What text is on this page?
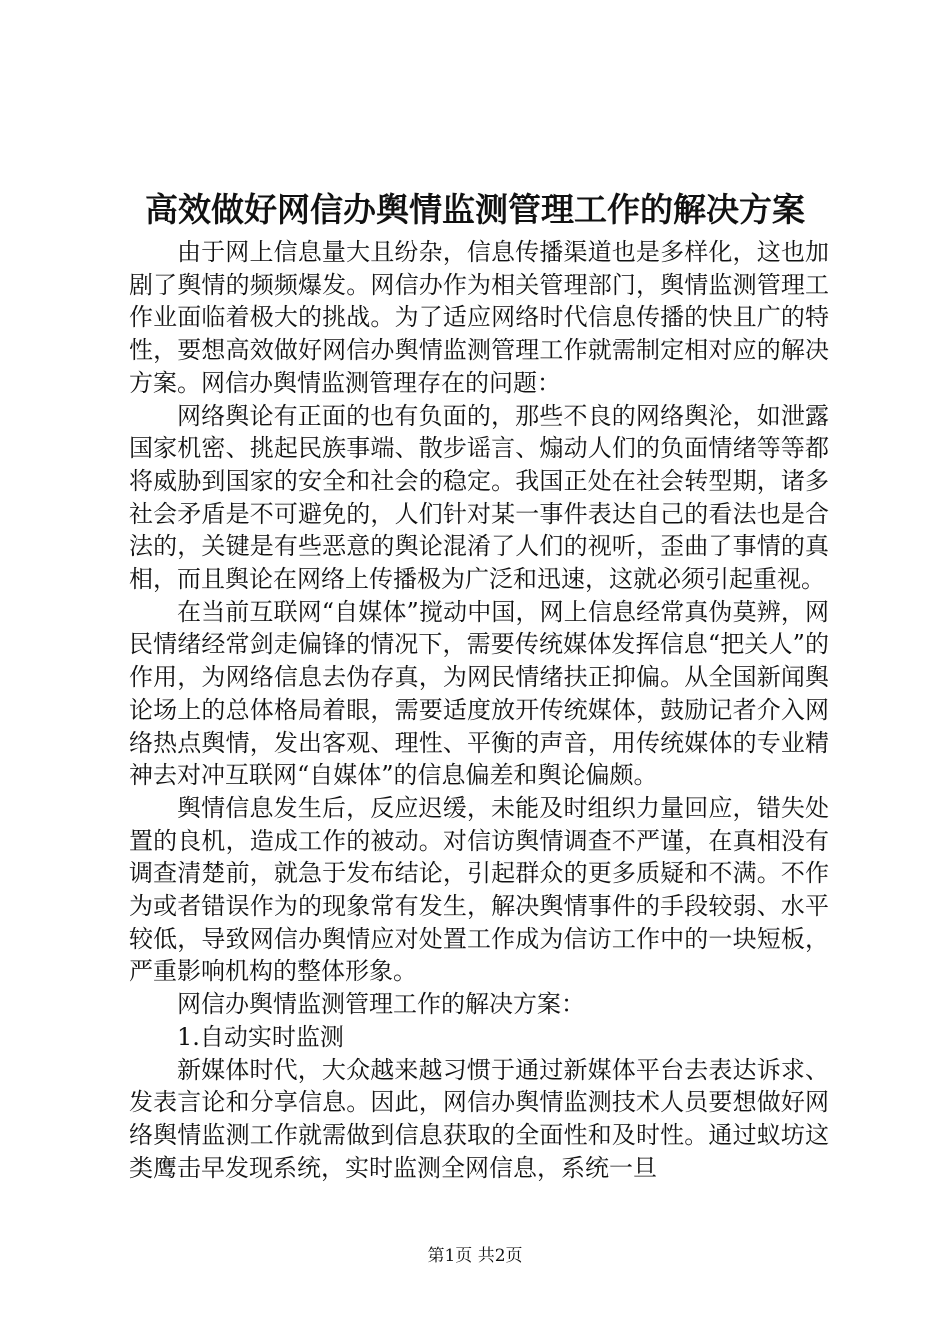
高效做好网信办舆情监测管理工作的解决方案

由于网上信息量大且纷杂，信息传播渠道也是多样化，这也加剧了舆情的频频爆发。网信办作为相关管理部门，舆情监测管理工作业面临着极大的挑战。为了适应网络时代信息传播的快且广的特性，要想高效做好网信办舆情监测管理工作就需制定相对应的解决方案。网信办舆情监测管理存在的问题：

网络舆论有正面的也有负面的，那些不良的网络舆沦，如泄露国家机密、挑起民族事端、散步谣言、煽动人们的负面情绪等等都将威胁到国家的安全和社会的稳定。我国正处在社会转型期，诸多社会矛盾是不可避免的，人们针对某一事件表达自己的看法也是合法的，关键是有些恶意的舆论混淆了人们的视听，歪曲了事情的真相，而且舆论在网络上传播极为广泛和迅速，这就必须引起重视。

在当前互联网“自媒体”搅动中国，网上信息经常真伪莫辨，网民情绪经常剑走偏锋的情况下，需要传统媒体发挥信息“把关人”的作用，为网络信息去伪存真，为网民情绪扶正抑偏。从全国新闻舆论场上的总体格局着眼，需要适度放开传统媒体，鼓励记者介入网络热点舆情，发出客观、理性、平衡的声音，用传统媒体的专业精神去对冲互联网“自媒体”的信息偏差和舆论偏颇。

舆情信息发生后，反应迟缓，未能及时组织力量回应，错失处置的良机，造成工作的被动。对信访舆情调查不严谨，在真相没有调查清楚前，就急于发布结论，引起群众的更多质疑和不满。不作为或者错误作为的现象常有发生，解决舆情事件的手段较弱、水平较低，导致网信办舆情应对处置工作成为信访工作中的一块短板，严重影响机构的整体形象。

网信办舆情监测管理工作的解决方案：

1.自动实时监测

新媒体时代，大众越来越习惯于通过新媒体平台去表达诉求、发表言论和分享信息。因此，网信办舆情监测技术人员要想做好网络舆情监测工作就需做到信息获取的全面性和及时性。通过蚁坊这类鹰击早发现系统，实时监测全网信息，系统一旦

第1页 共2页
